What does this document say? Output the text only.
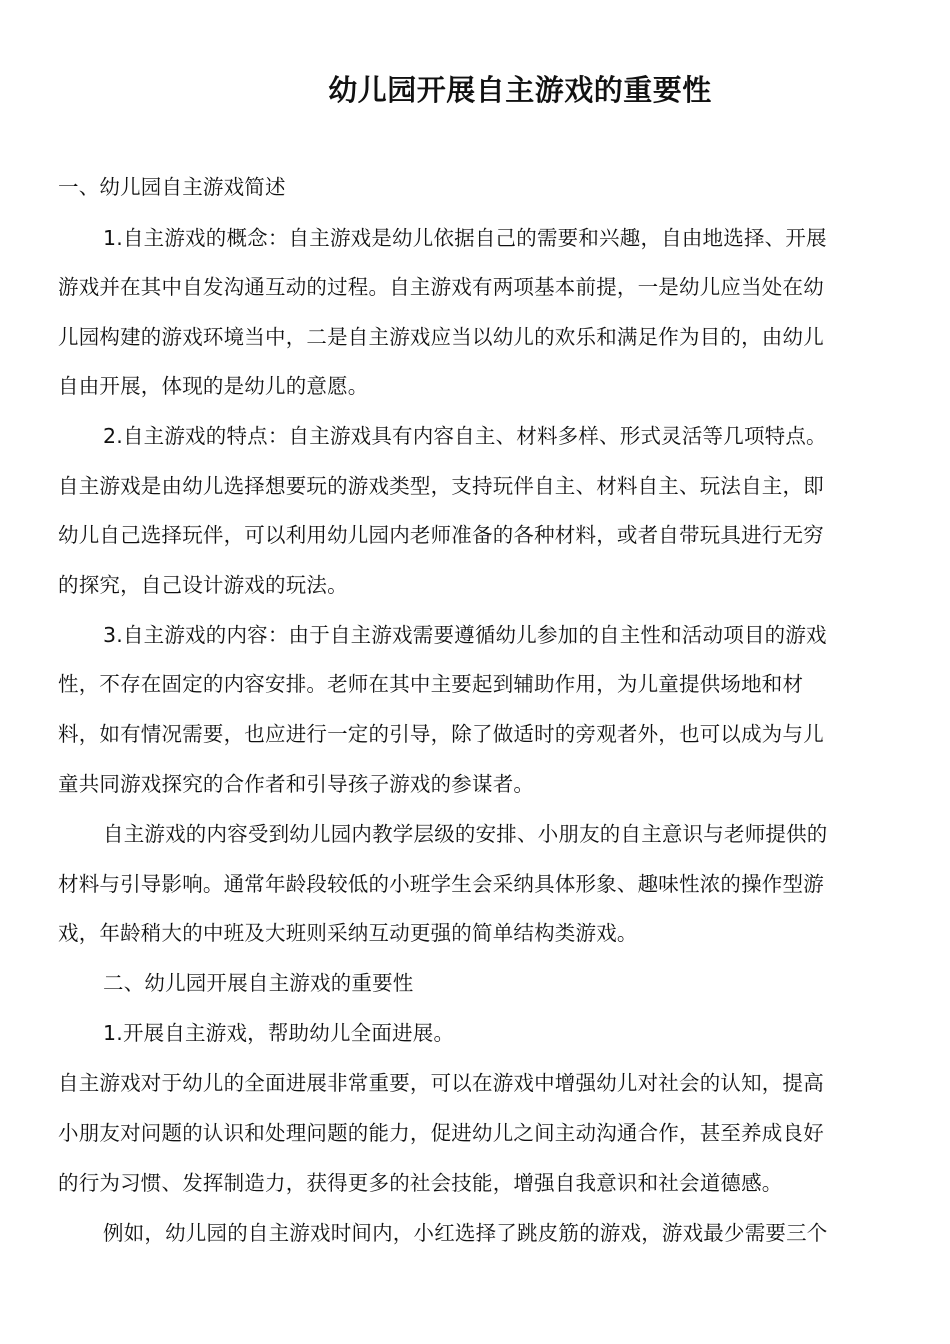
幼儿园开展自主游戏的重要性
一、幼儿园自主游戏简述
1.自主游戏的概念：自主游戏是幼儿依据自己的需要和兴趣，自由地选择、开展
游戏并在其中自发沟通互动的过程。自主游戏有两项基本前提，一是幼儿应当处在幼
儿园构建的游戏环境当中，二是自主游戏应当以幼儿的欢乐和满足作为目的，由幼儿
自由开展，体现的是幼儿的意愿。
2.自主游戏的特点：自主游戏具有内容自主、材料多样、形式灵活等几项特点。
自主游戏是由幼儿选择想要玩的游戏类型，支持玩伴自主、材料自主、玩法自主，即
幼儿自己选择玩伴，可以利用幼儿园内老师准备的各种材料，或者自带玩具进行无穷
的探究，自己设计游戏的玩法。
3.自主游戏的内容：由于自主游戏需要遵循幼儿参加的自主性和活动项目的游戏
性，不存在固定的内容安排。老师在其中主要起到辅助作用，为儿童提供场地和材
料，如有情况需要，也应进行一定的引导，除了做适时的旁观者外，也可以成为与儿
童共同游戏探究的合作者和引导孩子游戏的参谋者。
自主游戏的内容受到幼儿园内教学层级的安排、小朋友的自主意识与老师提供的
材料与引导影响。通常年龄段较低的小班学生会采纳具体形象、趣味性浓的操作型游
戏，年龄稍大的中班及大班则采纳互动更强的简单结构类游戏。
二、幼儿园开展自主游戏的重要性
1.开展自主游戏，帮助幼儿全面进展。
自主游戏对于幼儿的全面进展非常重要，可以在游戏中增强幼儿对社会的认知，提高
小朋友对问题的认识和处理问题的能力，促进幼儿之间主动沟通合作，甚至养成良好
的行为习惯、发挥制造力，获得更多的社会技能，增强自我意识和社会道德感。
例如，幼儿园的自主游戏时间内，小红选择了跳皮筋的游戏，游戏最少需要三个
